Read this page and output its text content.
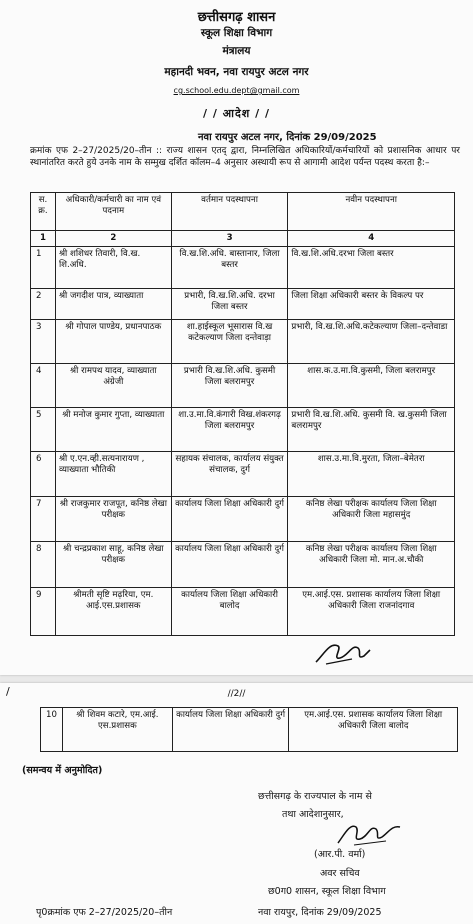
छत्तीसगढ़ शासन
स्कूल शिक्षा विभाग
मंत्रालय
महानदी भवन, नवा रायपुर अटल नगर
cg.school.edu.dept@gmail.com
/ / आदेश / /
नवा रायपुर अटल नगर, दिनांक 29/09/2025
क्रमांक एफ 2–27/2025/20–तीन :: राज्य शासन एतद् द्वारा, निम्नलिखित अधिकारियों/कर्मचारियों को प्रशासनिक आधार पर स्थानांतरित करते हुये उनके नाम के सम्मुख दर्शित कॉलम–4 अनुसार अस्थायी रूप से आगामी आदेश पर्यन्त पदस्थ करता है:–
स. क्र.	अधिकारी/कर्मचारी का नाम एवं पदनाम	वर्तमान पदस्थापना	नवीन पदस्थापना
1	2	3	4
1	श्री शशिधर तिवारी, वि.ख. शि.अधि.	वि.ख.शि.अधि. बास्तानार, जिला बस्तर	वि.ख.शि.अधि.दरभा जिला बस्तर
2	श्री जगदीश पात्र, व्याख्याता	प्रभारी, वि.ख.शि.अधि. दरभा जिला बस्तर	जिला शिक्षा अधिकारी बस्तर के विकल्प पर
3	श्री गोपाल पाण्डेय, प्रधानपाठक	शा.हाईस्कूल भूसारास वि.ख कटेकल्याण जिला दन्तेवाड़ा	प्रभारी, वि.ख.शि.अधि.कटेकल्याण जिला–दन्तेवाडा
4	श्री रामपथ यादव, व्याख्याता अंग्रेजी	प्रभारी वि.ख.शि.अधि. कुसमी जिला बलरामपुर	शास.क.उ.मा.वि.कुसमी, जिला बलरामपुर
5	श्री मनोज कुमार गुप्ता, व्याख्याता	शा.उ.मा.वि.कंगारी विख.शंकरगढ़ जिला बलरामपुर	प्रभारी वि.ख.शि.अधि. कुसमी वि. ख.कुसमी जिला बलरामपुर
6	श्री ए.एन.व्ही.सत्यनारायण , व्याख्याता भौतिकी	सहायक संचालक, कार्यालय संयुक्त संचालक, दुर्ग	शास.उ.मा.वि.मुरता, जिला–बेमेतरा
7	श्री राजकुमार राजपूत, कनिष्ठ लेखा परीक्षक	कार्यालय जिला शिक्षा अधिकारी दुर्ग	कनिष्ठ लेखा परीक्षक कार्यालय जिला शिक्षा अधिकारी जिला महासमुंद
8	श्री चन्द्रप्रकाश साहू, कनिष्ठ लेखा परीक्षक	कार्यालय जिला शिक्षा अधिकारी दुर्ग	कनिष्ठ लेखा परीक्षक कार्यालय जिला शिक्षा अधिकारी जिला मो. मान.अ.चौकी
9	श्रीमती सृष्टि मढ़रिया, एम. आई.एस.प्रशासक	कार्यालय जिला शिक्षा अधिकारी बालोद	एम.आई.एस. प्रशासक कार्यालय जिला शिक्षा अधिकारी जिला राजनांदगाव
/	//2//
10	श्री शिवम कटारे, एम.आई. एस.प्रशासक	कार्यालय जिला शिक्षा अधिकारी दुर्ग	एम.आई.एस. प्रशासक कार्यालय जिला शिक्षा अधिकारी जिला बालोद
(समन्वय में अनुमोदित)
छत्तीसगढ़ के राज्यपाल के नाम से
तथा आदेशानुसार,
(आर.पी. वर्मा)
अवर सचिव
छ0ग0 शासन, स्कूल शिक्षा विभाग
पृ0क्रमांक एफ 2–27/2025/20–तीन	नवा रायपुर, दिनांक 29/09/2025
